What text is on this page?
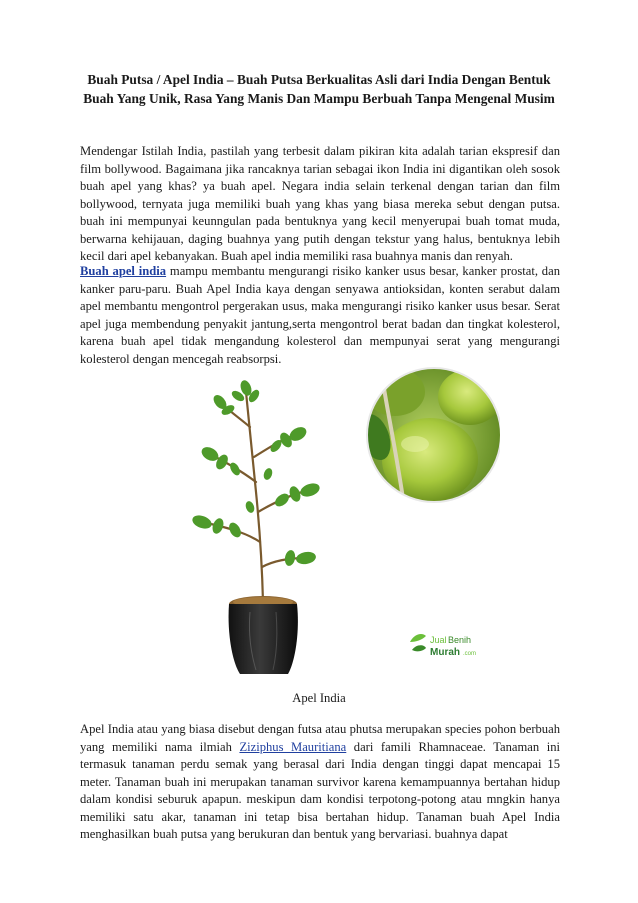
Buah Putsa / Apel India – Buah Putsa Berkualitas Asli dari India Dengan Bentuk Buah Yang Unik, Rasa Yang Manis Dan Mampu Berbuah Tanpa Mengenal Musim

Mendengar Istilah India, pastilah yang terbesit dalam pikiran kita adalah tarian ekspresif dan film bollywood. Bagaimana jika rancaknya tarian sebagai ikon India ini digantikan oleh sosok buah apel yang khas? ya buah apel. Negara india selain terkenal dengan tarian dan film bollywood, ternyata juga memiliki buah yang khas yang biasa mereka sebut dengan putsa. buah ini mempunyai keunngulan pada bentuknya yang kecil menyerupai buah tomat muda, berwarna kehijauan, daging buahnya yang putih dengan tekstur yang halus, bentuknya lebih kecil dari apel kebanyakan. Buah apel india memiliki rasa buahnya manis dan renyah.

Buah apel india mampu membantu mengurangi risiko kanker usus besar, kanker prostat, dan kanker paru-paru. Buah Apel India kaya dengan senyawa antioksidan, konten serabut dalam apel membantu mengontrol pergerakan usus, maka mengurangi risiko kanker usus besar. Serat apel juga membendung penyakit jantung,serta mengontrol berat badan dan tingkat kolesterol, karena buah apel tidak mengandung kolesterol dan mempunyai serat yang mengurangi kolesterol dengan mencegah reabsorpsi.

Jual Benih
Murah .com

Apel India

Apel India atau yang biasa disebut dengan futsa atau phutsa merupakan species pohon berbuah yang memiliki nama ilmiah Ziziphus Mauritiana dari famili Rhamnaceae. Tanaman ini termasuk tanaman perdu semak yang berasal dari India dengan tinggi dapat mencapai 15 meter. Tanaman buah ini merupakan tanaman survivor karena kemampuannya bertahan hidup dalam kondisi seburuk apapun. meskipun dam kondisi terpotong-potong atau mngkin hanya memiliki satu akar, tanaman ini tetap bisa bertahan hidup. Tanaman buah Apel India menghasilkan buah putsa yang berukuran dan bentuk yang bervariasi. buahnya dapat
